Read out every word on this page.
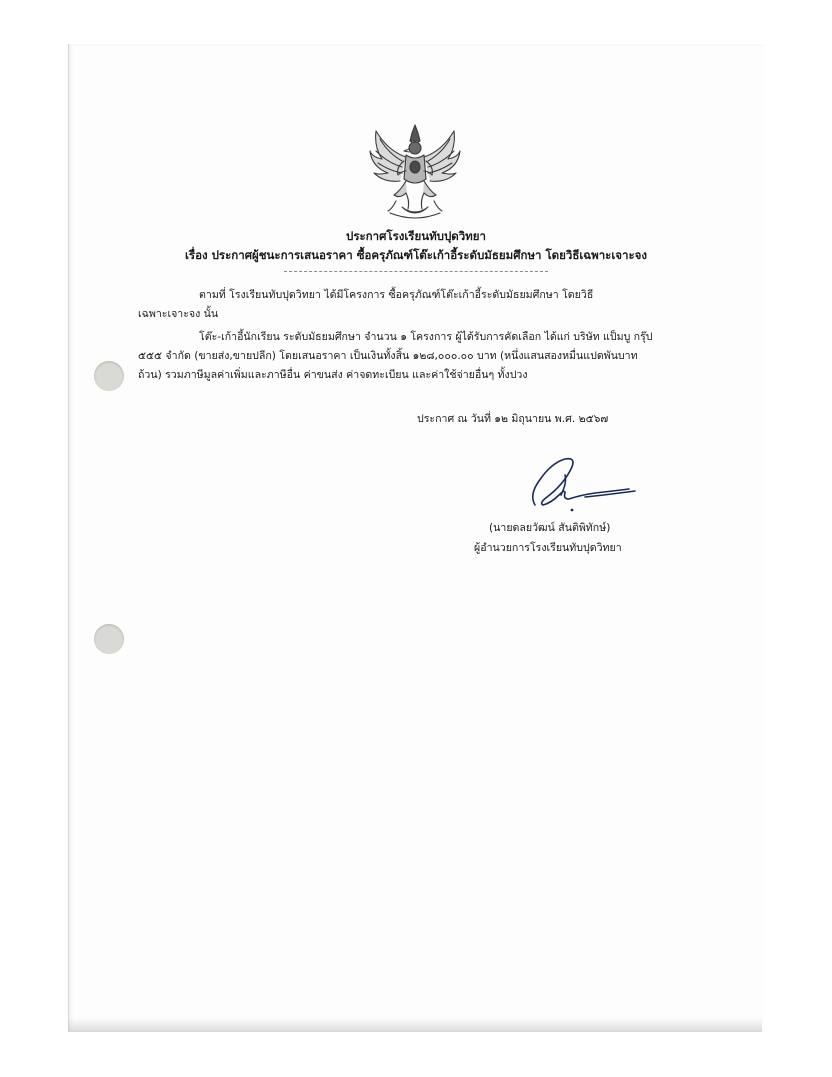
ประกาศโรงเรียนทับปุดวิทยา
เรื่อง ประกาศผู้ชนะการเสนอราคา ซื้อครุภัณฑ์โต๊ะเก้าอี้ระดับมัธยมศึกษา โดยวิธีเฉพาะเจาะจง
ตามที่ โรงเรียนทับปุดวิทยา ได้มีโครงการ ซื้อครุภัณฑ์โต๊ะเก้าอี้ระดับมัธยมศึกษา โดยวิธี
เฉพาะเจาะจง นั้น
โต๊ะ-เก้าอี้นักเรียน ระดับมัธยมศึกษา จำนวน ๑ โครงการ ผู้ได้รับการคัดเลือก ได้แก่ บริษัท แป็มบู กรุ๊ป
๕๕๕ จำกัด (ขายส่ง,ขายปลีก) โดยเสนอราคา เป็นเงินทั้งสิ้น ๑๒๘,๐๐๐.๐๐ บาท (หนึ่งแสนสองหมื่นแปดพันบาท
ถ้วน) รวมภาษีมูลค่าเพิ่มและภาษีอื่น ค่าขนส่ง ค่าจดทะเบียน และค่าใช้จ่ายอื่นๆ ทั้งปวง
ประกาศ ณ วันที่ ๑๒ มิถุนายน พ.ศ. ๒๕๖๗
(นายดลยวัฒน์ สันติพิทักษ์)
ผู้อำนวยการโรงเรียนทับปุดวิทยา
